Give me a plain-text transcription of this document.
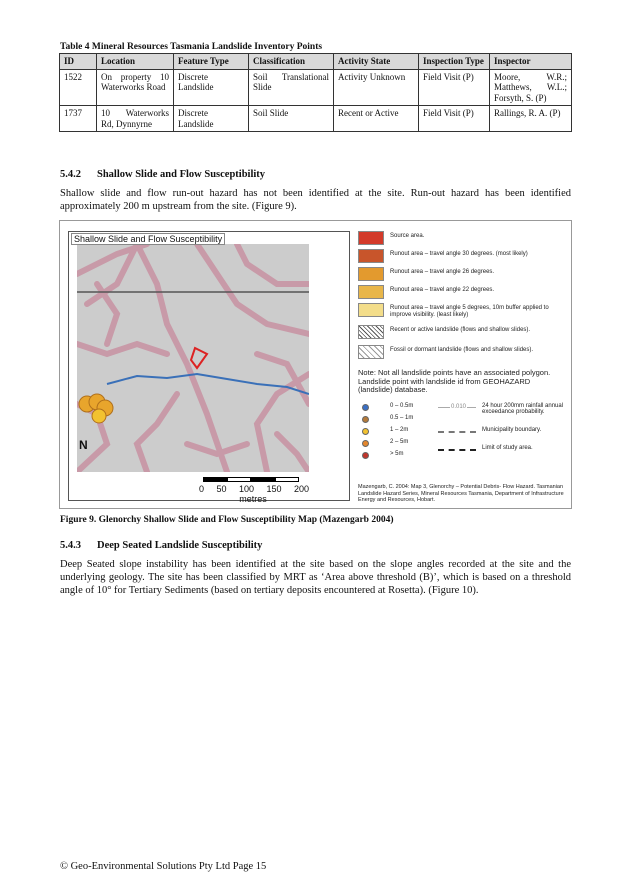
Table 4 Mineral Resources Tasmania Landslide Inventory Points
ID	Location	Feature Type	Classification	Activity State	Inspection Type	Inspector
1522	On property 10 Waterworks Road	Discrete Landslide	Soil Translational Slide	Activity Unknown	Field Visit (P)	Moore, W.R.; Matthews, W.L.; Forsyth, S. (P)
1737	10 Waterworks Rd, Dynnyrne	Discrete Landslide	Soil Slide	Recent or Active	Field Visit (P)	Rallings, R. A. (P)
5.4.2 Shallow Slide and Flow Susceptibility
Shallow slide and flow run-out hazard has not been identified at the site. Run-out hazard has been identified approximately 200 m upstream from the site. (Figure 9).
Shallow Slide and Flow Susceptibility
N
0 50 100 150 200
metres
Source area.
Runout area – travel angle 30 degrees. (most likely)
Runout area – travel angle 26 degrees.
Runout area – travel angle 22 degrees.
Runout area – travel angle 5 degrees, 10m buffer applied to improve visibility. (least likely)
Recent or active landslide (flows and shallow slides).
Fossil or dormant landslide (flows and shallow slides).
Note: Not all landslide points have an associated polygon. Landslide point with landslide id from GEOHAZARD (landslide) database.
0 – 0.5m
0.5 – 1m
1 – 2m
2 – 5m
> 5m
0.010	24 hour 200mm rainfall annual exceedance probability.
Municipality boundary.
Limit of study area.
Mazengarb, C. 2004: Map 3, Glenorchy – Potential Debris- Flow Hazard. Tasmanian Landslide Hazard Series, Mineral Resources Tasmania, Department of Infrastructure Energy and Resources, Hobart.
Figure 9. Glenorchy Shallow Slide and Flow Susceptibility Map (Mazengarb 2004)
5.4.3 Deep Seated Landslide Susceptibility
Deep Seated slope instability has been identified at the site based on the slope angles recorded at the site and the underlying geology. The site has been classified by MRT as ‘Area above threshold (B)’, which is based on a threshold angle of 10° for Tertiary Sediments (based on tertiary deposits encountered at Rosetta). (Figure 10).
© Geo-Environmental Solutions Pty Ltd Page 15
